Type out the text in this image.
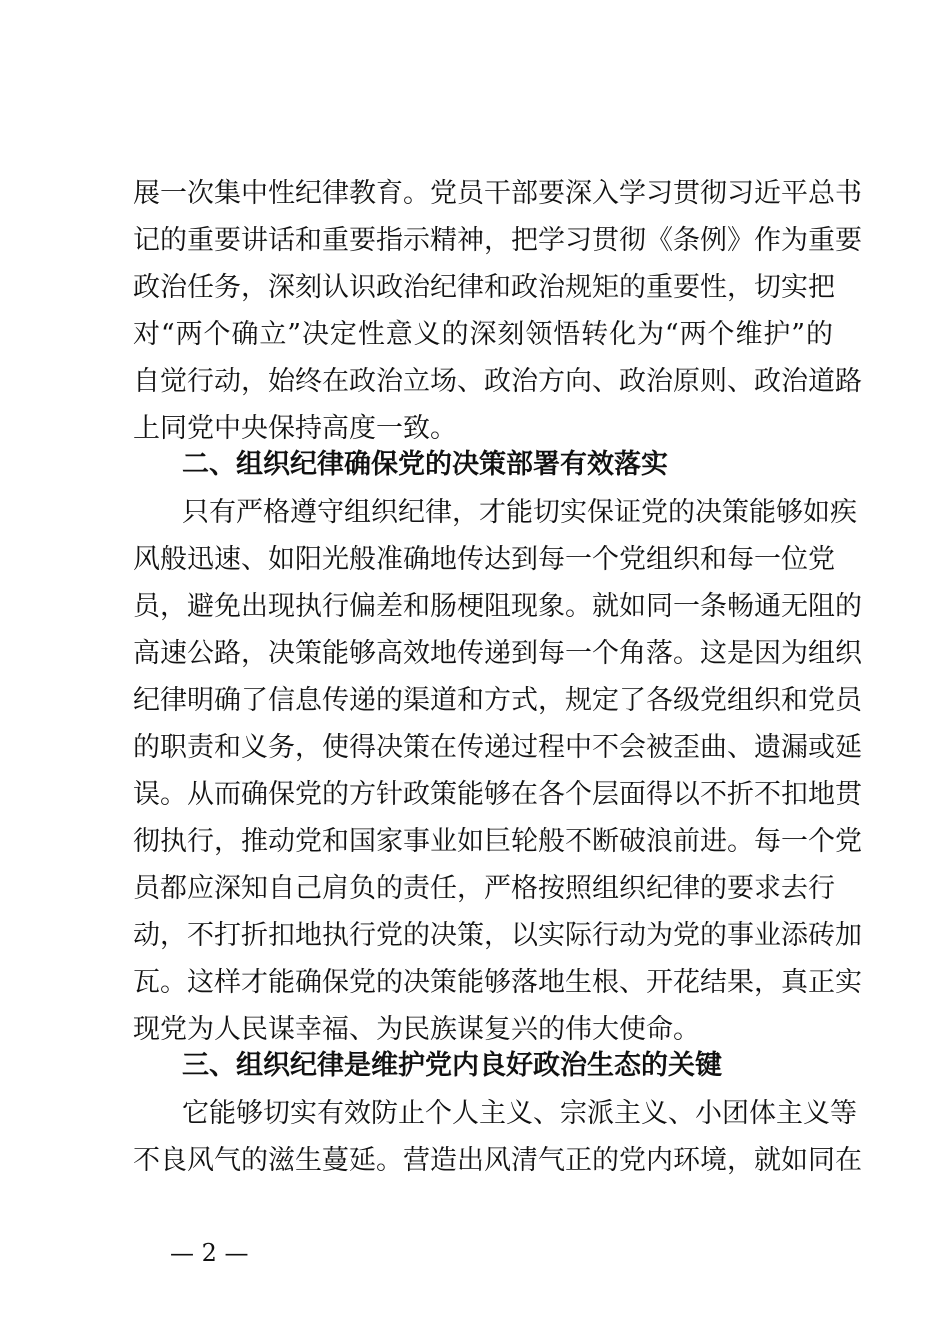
展一次集中性纪律教育。党员干部要深入学习贯彻习近平总书
记的重要讲话和重要指示精神，把学习贯彻《条例》作为重要
政治任务，深刻认识政治纪律和政治规矩的重要性，切实把
对“两个确立”决定性意义的深刻领悟转化为“两个维护”的
自觉行动，始终在政治立场、政治方向、政治原则、政治道路
上同党中央保持高度一致。
二、组织纪律确保党的决策部署有效落实
只有严格遵守组织纪律，才能切实保证党的决策能够如疾
风般迅速、如阳光般准确地传达到每一个党组织和每一位党
员，避免出现执行偏差和肠梗阻现象。就如同一条畅通无阻的
高速公路，决策能够高效地传递到每一个角落。这是因为组织
纪律明确了信息传递的渠道和方式，规定了各级党组织和党员
的职责和义务，使得决策在传递过程中不会被歪曲、遗漏或延
误。从而确保党的方针政策能够在各个层面得以不折不扣地贯
彻执行，推动党和国家事业如巨轮般不断破浪前进。每一个党
员都应深知自己肩负的责任，严格按照组织纪律的要求去行
动，不打折扣地执行党的决策，以实际行动为党的事业添砖加
瓦。这样才能确保党的决策能够落地生根、开花结果，真正实
现党为人民谋幸福、为民族谋复兴的伟大使命。
三、组织纪律是维护党内良好政治生态的关键
它能够切实有效防止个人主义、宗派主义、小团体主义等
不良风气的滋生蔓延。营造出风清气正的党内环境，就如同在
— 2 —
